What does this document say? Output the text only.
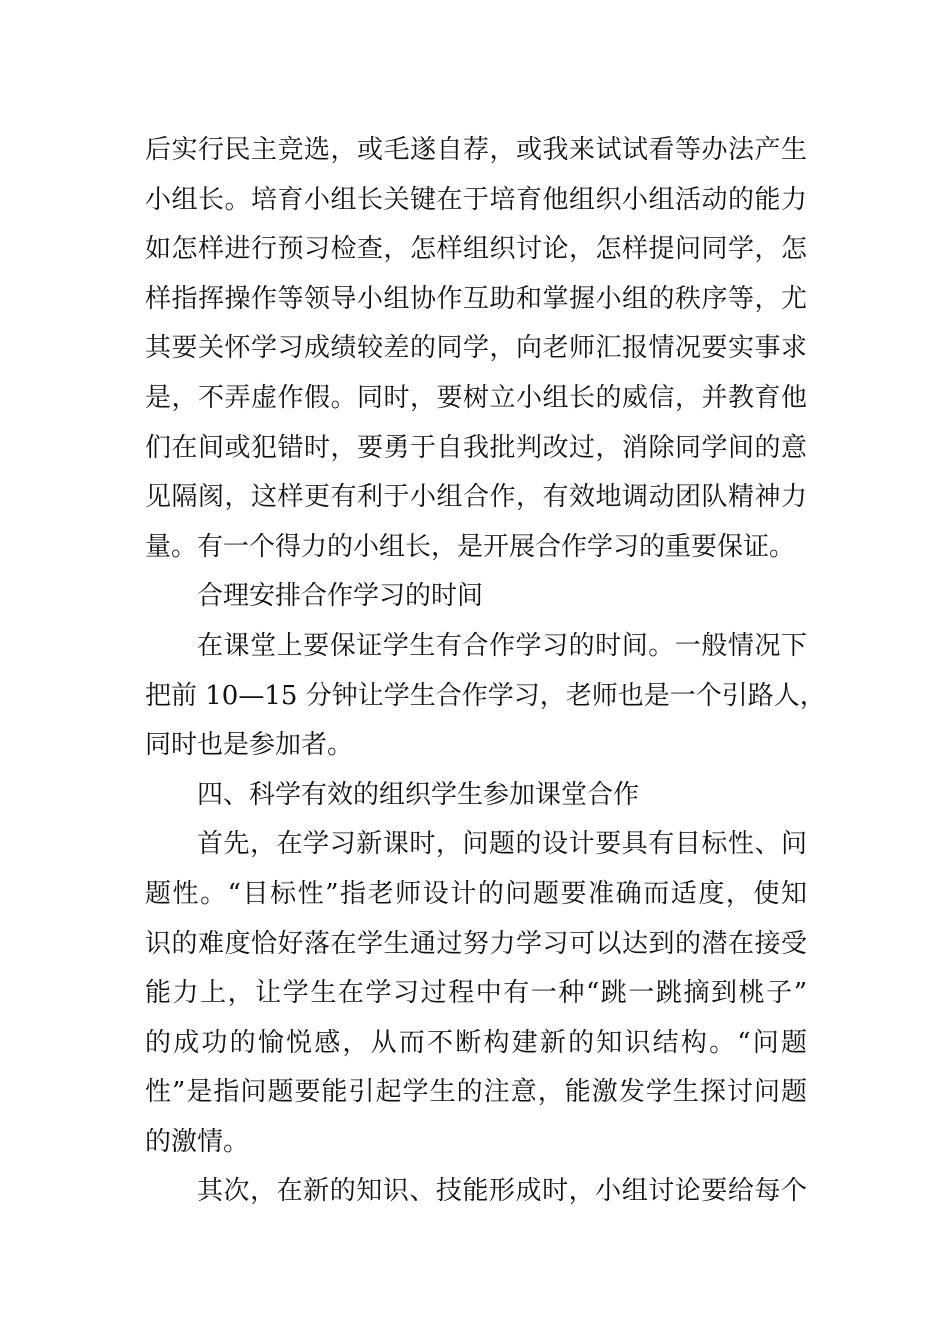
后实行民主竞选，或毛遂自荐，或我来试试看等办法产生
小组长。培育小组长关键在于培育他组织小组活动的能力
如怎样进行预习检查，怎样组织讨论，怎样提问同学，怎
样指挥操作等领导小组协作互助和掌握小组的秩序等，尤
其要关怀学习成绩较差的同学，向老师汇报情况要实事求
是，不弄虚作假。同时，要树立小组长的威信，并教育他
们在间或犯错时，要勇于自我批判改过，消除同学间的意
见隔阂，这样更有利于小组合作，有效地调动团队精神力
量。有一个得力的小组长，是开展合作学习的重要保证。
合理安排合作学习的时间
在课堂上要保证学生有合作学习的时间。一般情况下
把前 10—15 分钟让学生合作学习，老师也是一个引路人，
同时也是参加者。
四、科学有效的组织学生参加课堂合作
首先，在学习新课时，问题的设计要具有目标性、问
题性。“目标性”指老师设计的问题要准确而适度，使知
识的难度恰好落在学生通过努力学习可以达到的潜在接受
能力上，让学生在学习过程中有一种“跳一跳摘到桃子”
的成功的愉悦感，从而不断构建新的知识结构。“问题
性”是指问题要能引起学生的注意，能激发学生探讨问题
的激情。
其次，在新的知识、技能形成时，小组讨论要给每个
